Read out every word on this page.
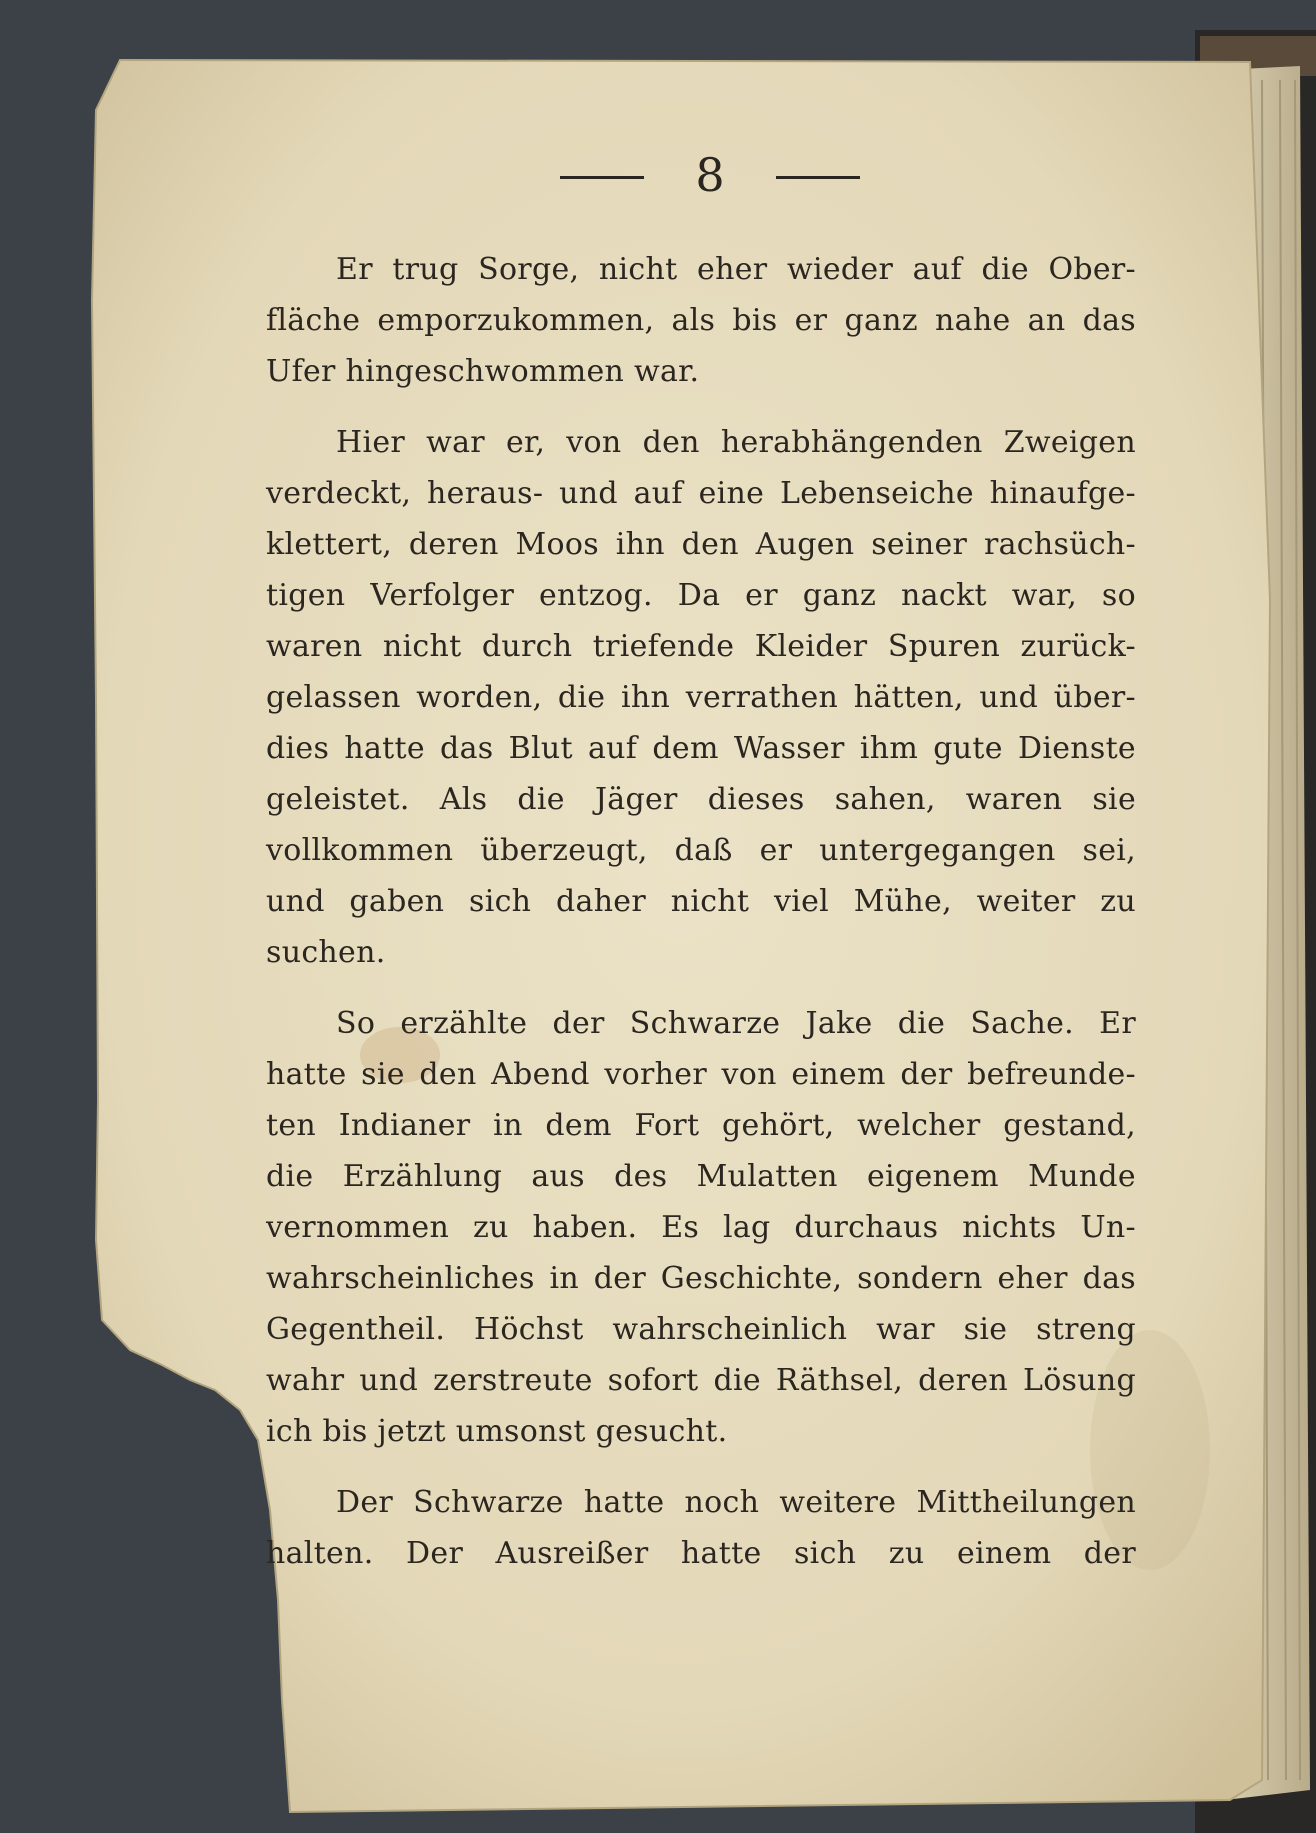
8
Er trug Sorge, nicht eher wieder auf die Ober-
fläche emporzukommen, als bis er ganz nahe an das
Ufer hingeschwommen war.
Hier war er, von den herabhängenden Zweigen
verdeckt, heraus- und auf eine Lebenseiche hinaufge-
klettert, deren Moos ihn den Augen seiner rachsüch-
tigen Verfolger entzog. Da er ganz nackt war, so
waren nicht durch triefende Kleider Spuren zurück-
gelassen worden, die ihn verrathen hätten, und über-
dies hatte das Blut auf dem Wasser ihm gute Dienste
geleistet. Als die Jäger dieses sahen, waren sie
vollkommen überzeugt, daß er untergegangen sei,
und gaben sich daher nicht viel Mühe, weiter zu
suchen.
So erzählte der Schwarze Jake die Sache. Er
hatte sie den Abend vorher von einem der befreunde-
ten Indianer in dem Fort gehört, welcher gestand,
die Erzählung aus des Mulatten eigenem Munde
vernommen zu haben. Es lag durchaus nichts Un-
wahrscheinliches in der Geschichte, sondern eher das
Gegentheil. Höchst wahrscheinlich war sie streng
wahr und zerstreute sofort die Räthsel, deren Lösung
ich bis jetzt umsonst gesucht.
Der Schwarze hatte noch weitere Mittheilungen
halten. Der Ausreißer hatte sich zu einem der
